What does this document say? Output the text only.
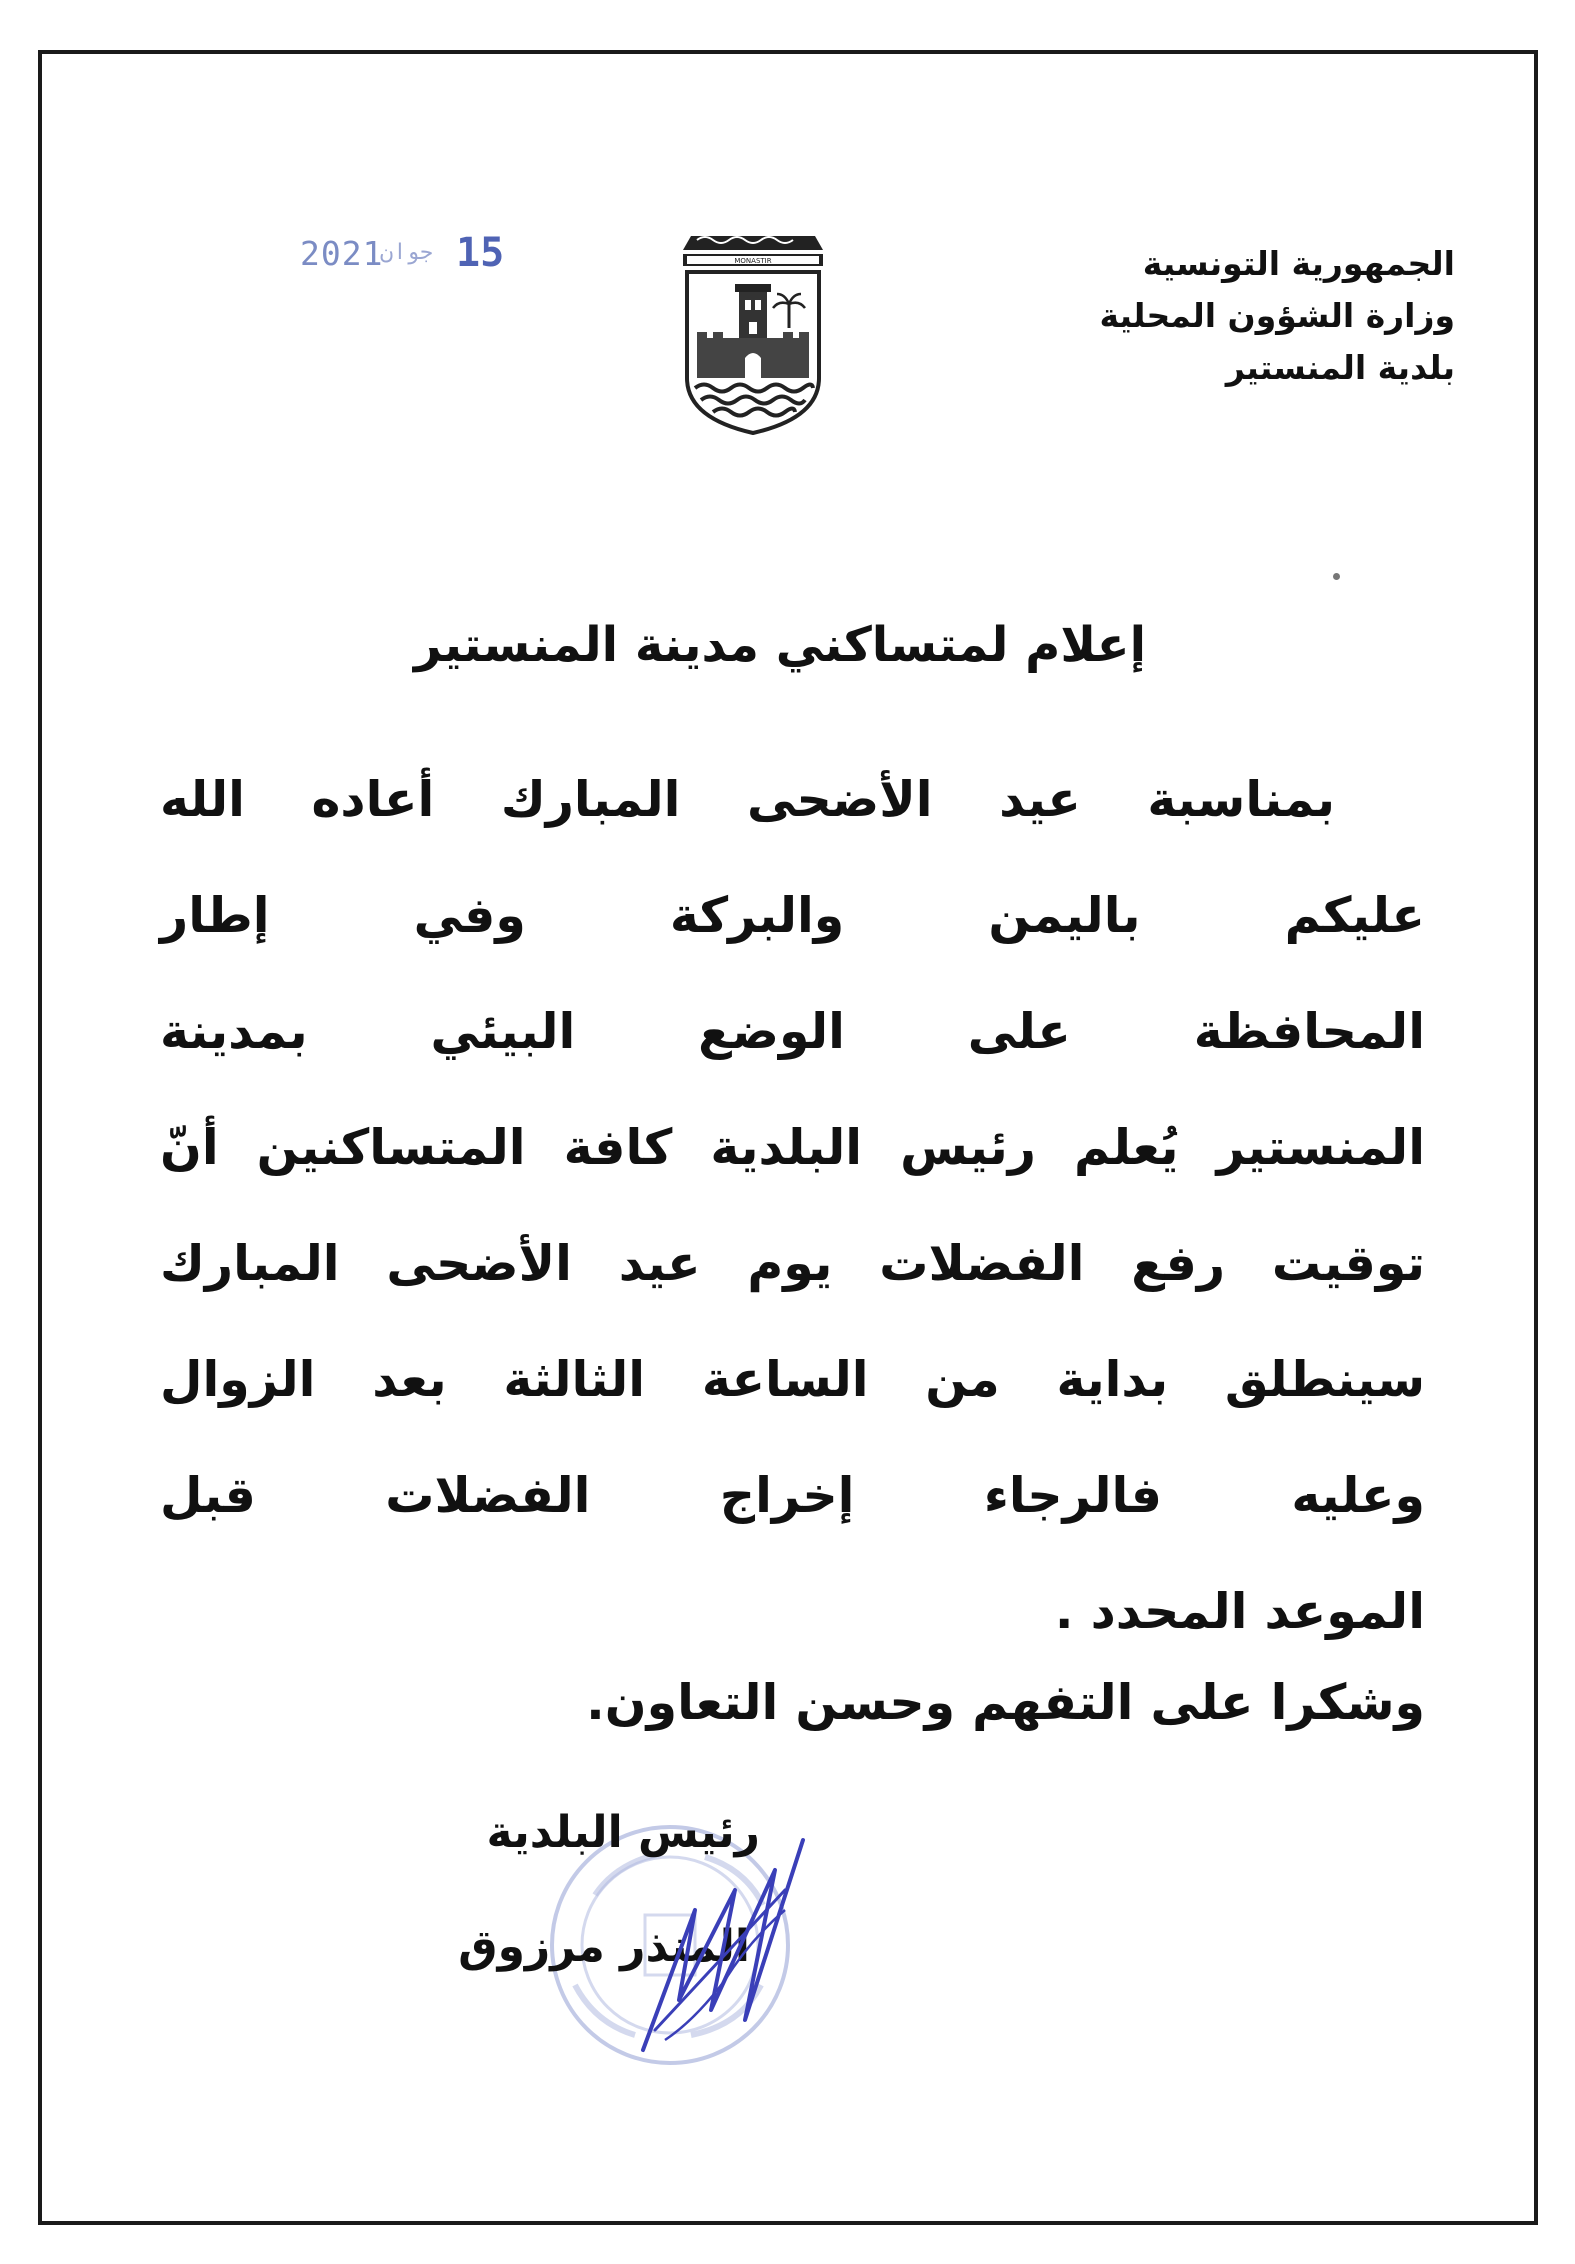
الجمهورية التونسية
وزارة الشؤون المحلية
بلدية المنستير
MONASTIR
2021
جوان 15
إعلام لمتساكني مدينة المنستير
بمناسبة عيد الأضحى المبارك أعاده الله
عليكم باليمن والبركة وفي إطار
المحافظة على الوضع البيئي بمدينة
المنستير يُعلم رئيس البلدية كافة المتساكنين أنّ
توقيت رفع الفضلات يوم عيد الأضحى المبارك
سينطلق بداية من الساعة الثالثة بعد الزوال
وعليه فالرجاء إخراج الفضلات قبل
الموعد المحدد .
وشكرا على التفهم وحسن التعاون.
رئيس البلدية
المنذر مرزوق
